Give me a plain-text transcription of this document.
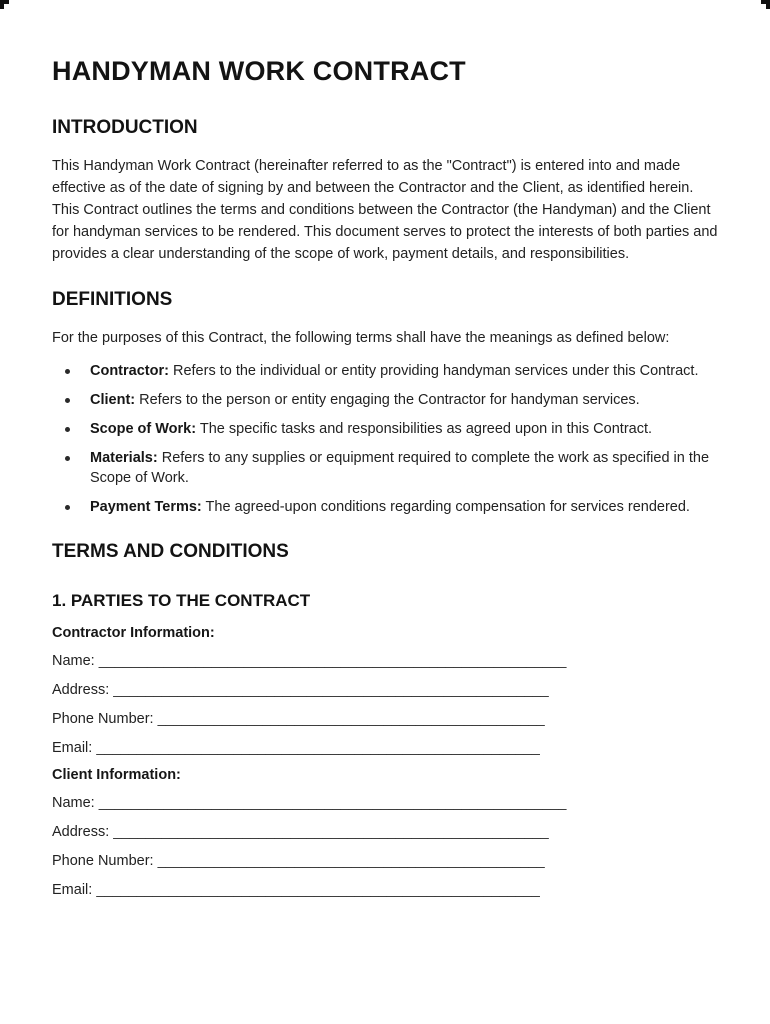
HANDYMAN WORK CONTRACT
INTRODUCTION

This Handyman Work Contract (hereinafter referred to as the "Contract") is entered into and made effective as of the date of signing by and between the Contractor and the Client, as identified herein. This Contract outlines the terms and conditions between the Contractor (the Handyman) and the Client for handyman services to be rendered. This document serves to protect the interests of both parties and provides a clear understanding of the scope of work, payment details, and responsibilities.

DEFINITIONS

For the purposes of this Contract, the following terms shall have the meanings as defined below:

Contractor: Refers to the individual or entity providing handyman services under this Contract.
Client: Refers to the person or entity engaging the Contractor for handyman services.
Scope of Work: The specific tasks and responsibilities as agreed upon in this Contract.
Materials: Refers to any supplies or equipment required to complete the work as specified in the Scope of Work.
Payment Terms: The agreed-upon conditions regarding compensation for services rendered.
TERMS AND CONDITIONS
1. PARTIES TO THE CONTRACT
Contractor Information:
Name: __________________________________________________________
Address: ______________________________________________________
Phone Number: ________________________________________________
Email: _______________________________________________________
Client Information:
Name: __________________________________________________________
Address: ______________________________________________________
Phone Number: ________________________________________________
Email: _______________________________________________________
